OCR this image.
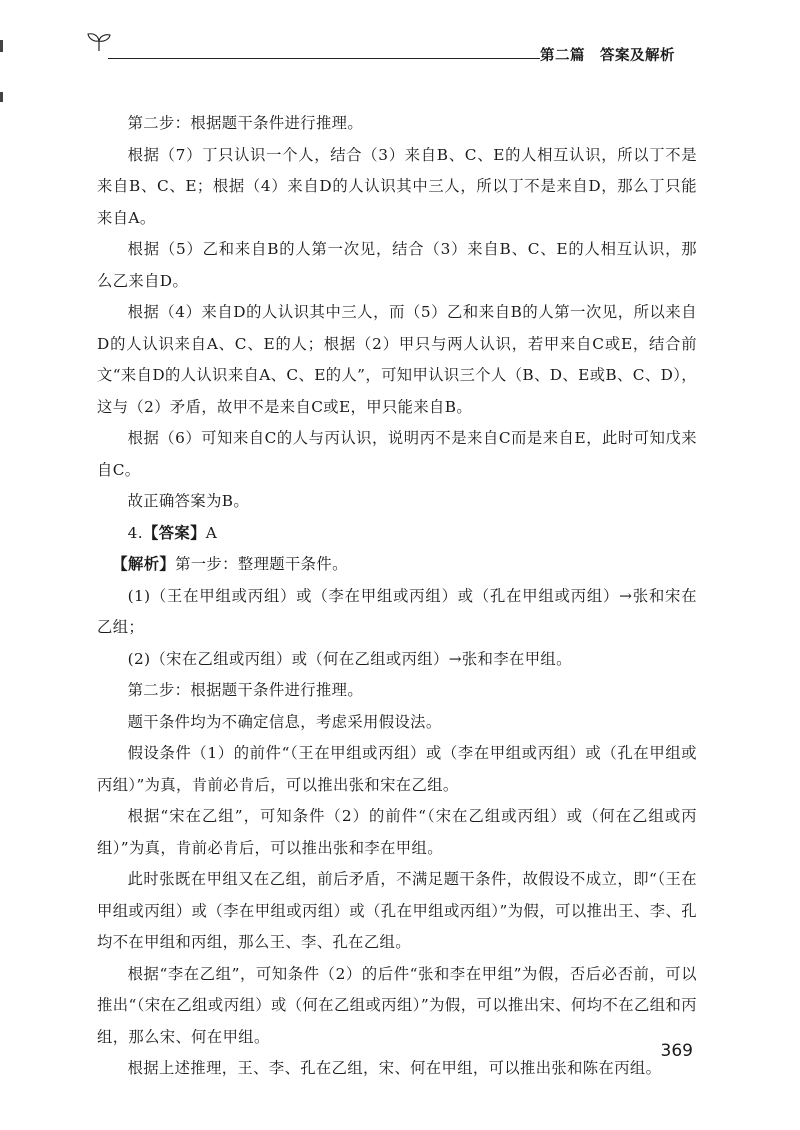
第二篇　答案及解析

第二步：根据题干条件进行推理。

根据（7）丁只认识一个人，结合（3）来自B、C、E的人相互认识，所以丁不是来自B、C、E；根据（4）来自D的人认识其中三人，所以丁不是来自D，那么丁只能来自A。

根据（5）乙和来自B的人第一次见，结合（3）来自B、C、E的人相互认识，那么乙来自D。

根据（4）来自D的人认识其中三人，而（5）乙和来自B的人第一次见，所以来自D的人认识来自A、C、E的人；根据（2）甲只与两人认识，若甲来自C或E，结合前文“来自D的人认识来自A、C、E的人”，可知甲认识三个人（B、D、E或B、C、D），这与（2）矛盾，故甲不是来自C或E，甲只能来自B。

根据（6）可知来自C的人与丙认识，说明丙不是来自C而是来自E，此时可知戊来自C。

故正确答案为B。

4.【答案】A

【解析】第一步：整理题干条件。

(1)（王在甲组或丙组）或（李在甲组或丙组）或（孔在甲组或丙组）→张和宋在乙组；

(2)（宋在乙组或丙组）或（何在乙组或丙组）→张和李在甲组。

第二步：根据题干条件进行推理。

题干条件均为不确定信息，考虑采用假设法。

假设条件（1）的前件“（王在甲组或丙组）或（李在甲组或丙组）或（孔在甲组或丙组）”为真，肯前必肯后，可以推出张和宋在乙组。

根据“宋在乙组”，可知条件（2）的前件“（宋在乙组或丙组）或（何在乙组或丙组）”为真，肯前必肯后，可以推出张和李在甲组。

此时张既在甲组又在乙组，前后矛盾，不满足题干条件，故假设不成立，即“（王在甲组或丙组）或（李在甲组或丙组）或（孔在甲组或丙组）”为假，可以推出王、李、孔均不在甲组和丙组，那么王、李、孔在乙组。

根据“李在乙组”，可知条件（2）的后件“张和李在甲组”为假，否后必否前，可以推出“（宋在乙组或丙组）或（何在乙组或丙组）”为假，可以推出宋、何均不在乙组和丙组，那么宋、何在甲组。

根据上述推理，王、李、孔在乙组，宋、何在甲组，可以推出张和陈在丙组。

369
